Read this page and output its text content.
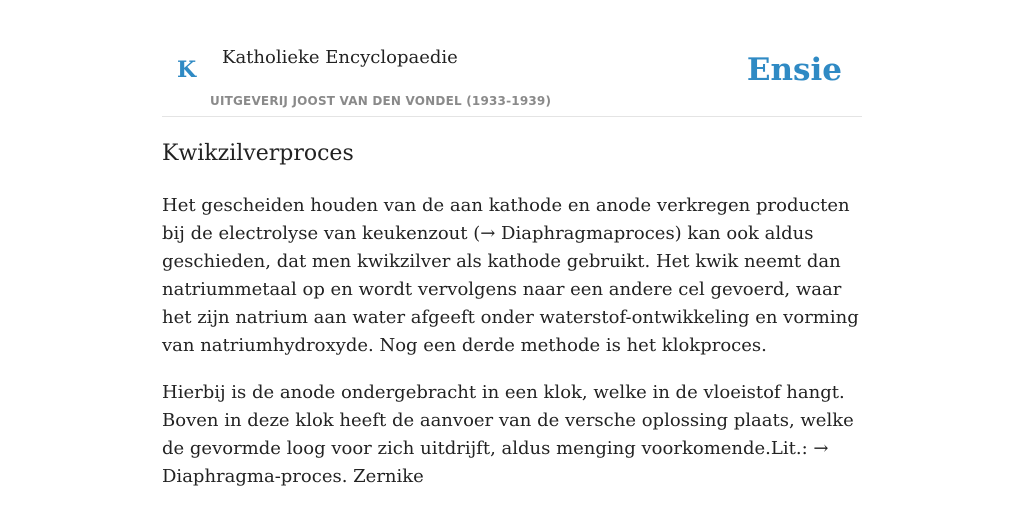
K Katholieke Encyclopaedie
UITGEVERIJ JOOST VAN DEN VONDEL (1933-1939)
Ensie
Kwikzilverproces

Het gescheiden houden van de aan kathode en anode verkregen producten bij de electrolyse van keukenzout (→ Diaphragmaproces) kan ook aldus geschieden, dat men kwikzilver als kathode gebruikt. Het kwik neemt dan natriummetaal op en wordt vervolgens naar een andere cel gevoerd, waar het zijn natrium aan water afgeeft onder waterstof-ontwikkeling en vorming van natriumhydroxyde. Nog een derde methode is het klokproces.

Hierbij is de anode ondergebracht in een klok, welke in de vloeistof hangt. Boven in deze klok heeft de aanvoer van de versche oplossing plaats, welke de gevormde loog voor zich uitdrijft, aldus menging voorkomende.Lit.: → Diaphragma-proces. Zernike
